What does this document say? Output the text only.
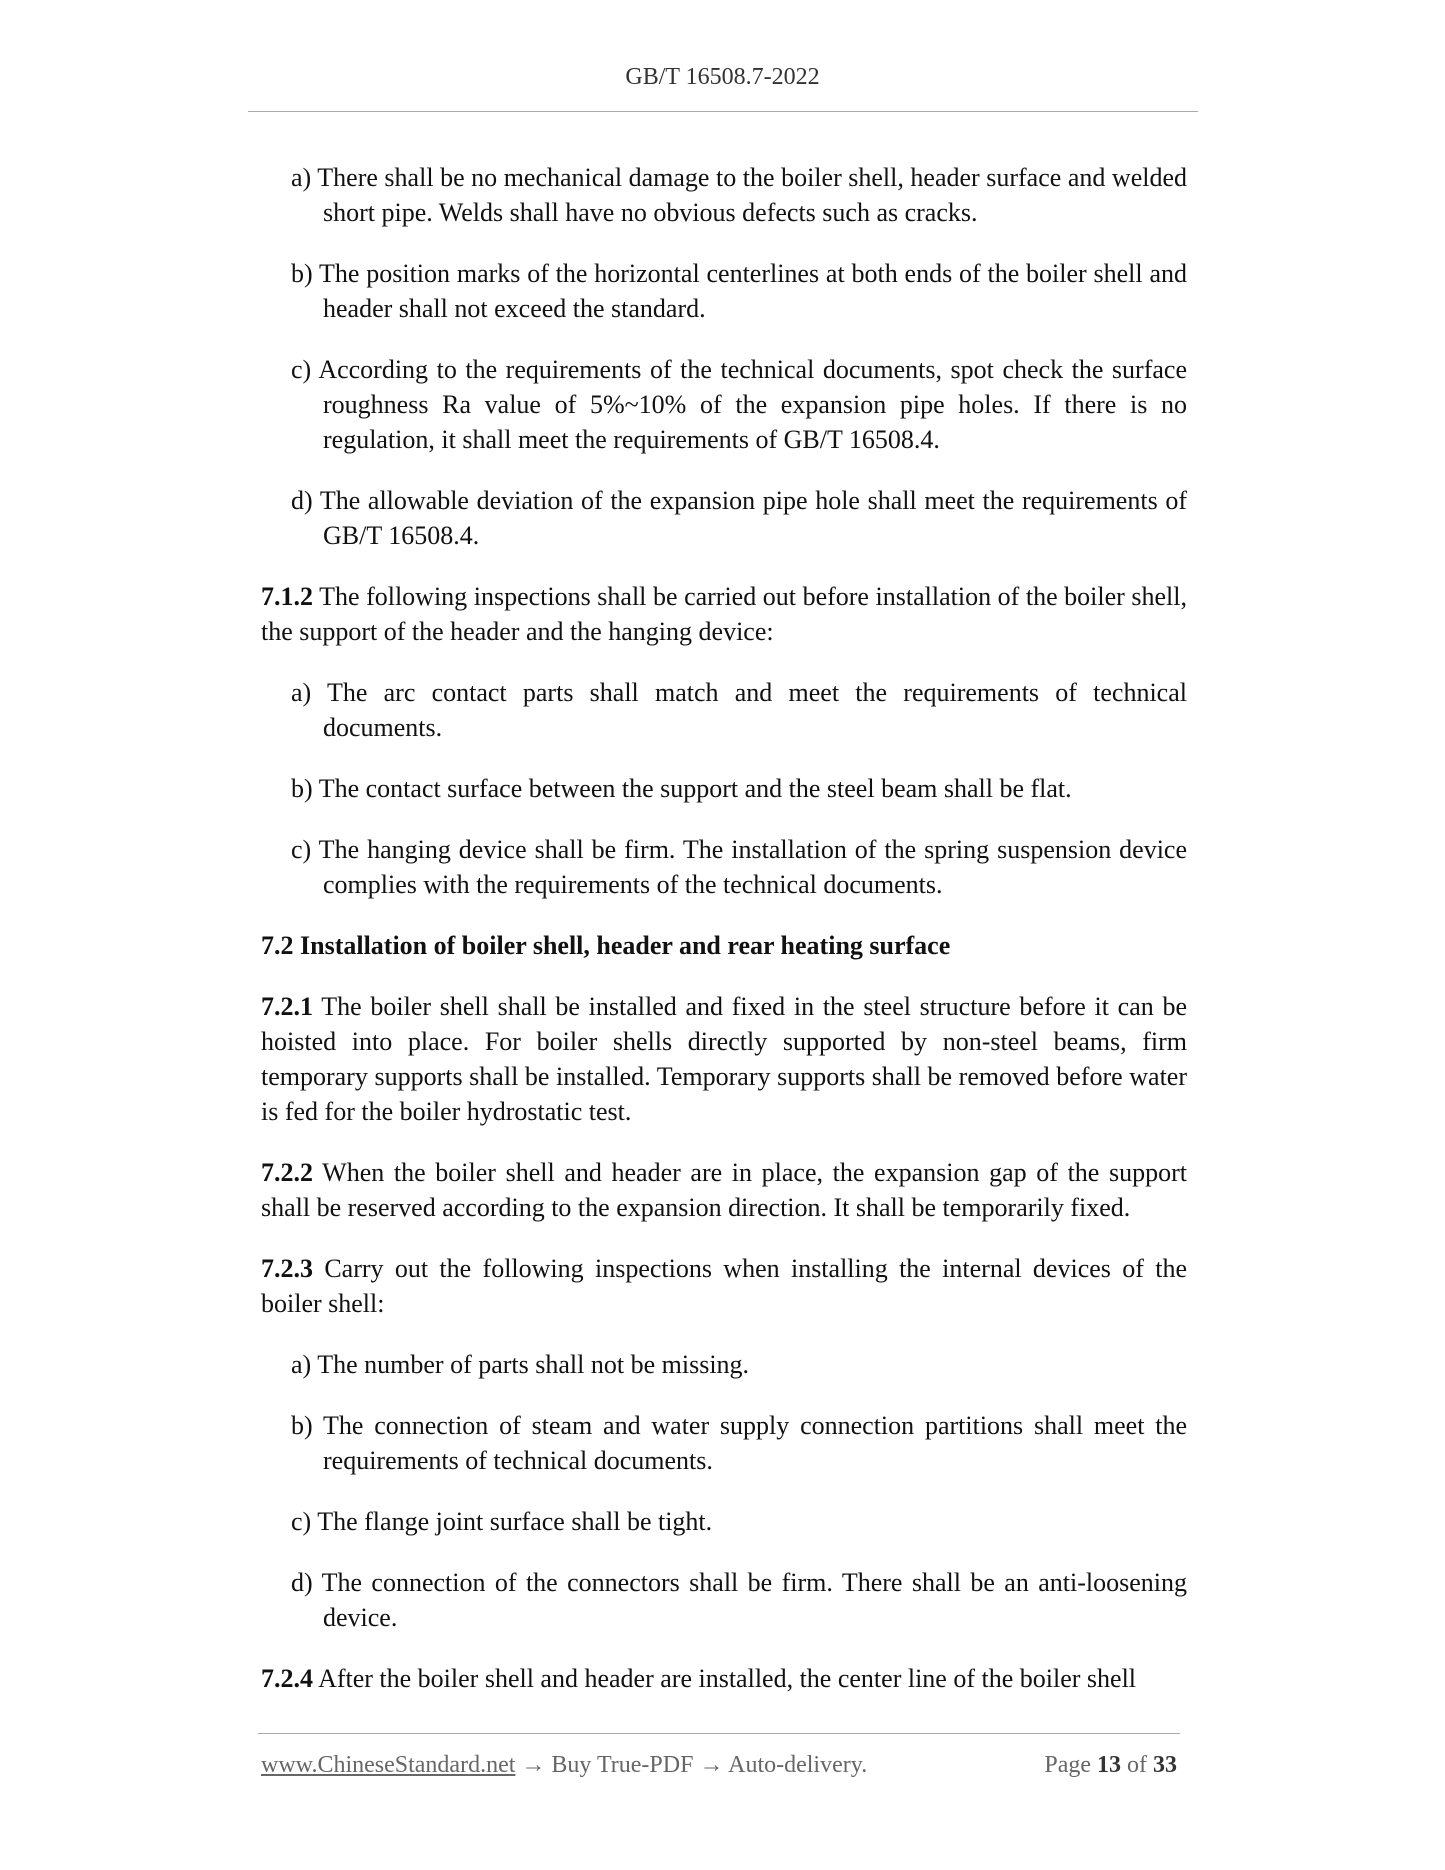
GB/T 16508.7-2022
a) There shall be no mechanical damage to the boiler shell, header surface and welded short pipe. Welds shall have no obvious defects such as cracks.
b) The position marks of the horizontal centerlines at both ends of the boiler shell and header shall not exceed the standard.
c) According to the requirements of the technical documents, spot check the surface roughness Ra value of 5%~10% of the expansion pipe holes. If there is no regulation, it shall meet the requirements of GB/T 16508.4.
d) The allowable deviation of the expansion pipe hole shall meet the requirements of GB/T 16508.4.
7.1.2 The following inspections shall be carried out before installation of the boiler shell, the support of the header and the hanging device:
a) The arc contact parts shall match and meet the requirements of technical documents.
b) The contact surface between the support and the steel beam shall be flat.
c) The hanging device shall be firm. The installation of the spring suspension device complies with the requirements of the technical documents.
7.2 Installation of boiler shell, header and rear heating surface
7.2.1 The boiler shell shall be installed and fixed in the steel structure before it can be hoisted into place. For boiler shells directly supported by non-steel beams, firm temporary supports shall be installed. Temporary supports shall be removed before water is fed for the boiler hydrostatic test.
7.2.2 When the boiler shell and header are in place, the expansion gap of the support shall be reserved according to the expansion direction. It shall be temporarily fixed.
7.2.3 Carry out the following inspections when installing the internal devices of the boiler shell:
a) The number of parts shall not be missing.
b) The connection of steam and water supply connection partitions shall meet the requirements of technical documents.
c) The flange joint surface shall be tight.
d) The connection of the connectors shall be firm. There shall be an anti-loosening device.
7.2.4 After the boiler shell and header are installed, the center line of the boiler shell
www.ChineseStandard.net → Buy True-PDF → Auto-delivery.	Page 13 of 33
